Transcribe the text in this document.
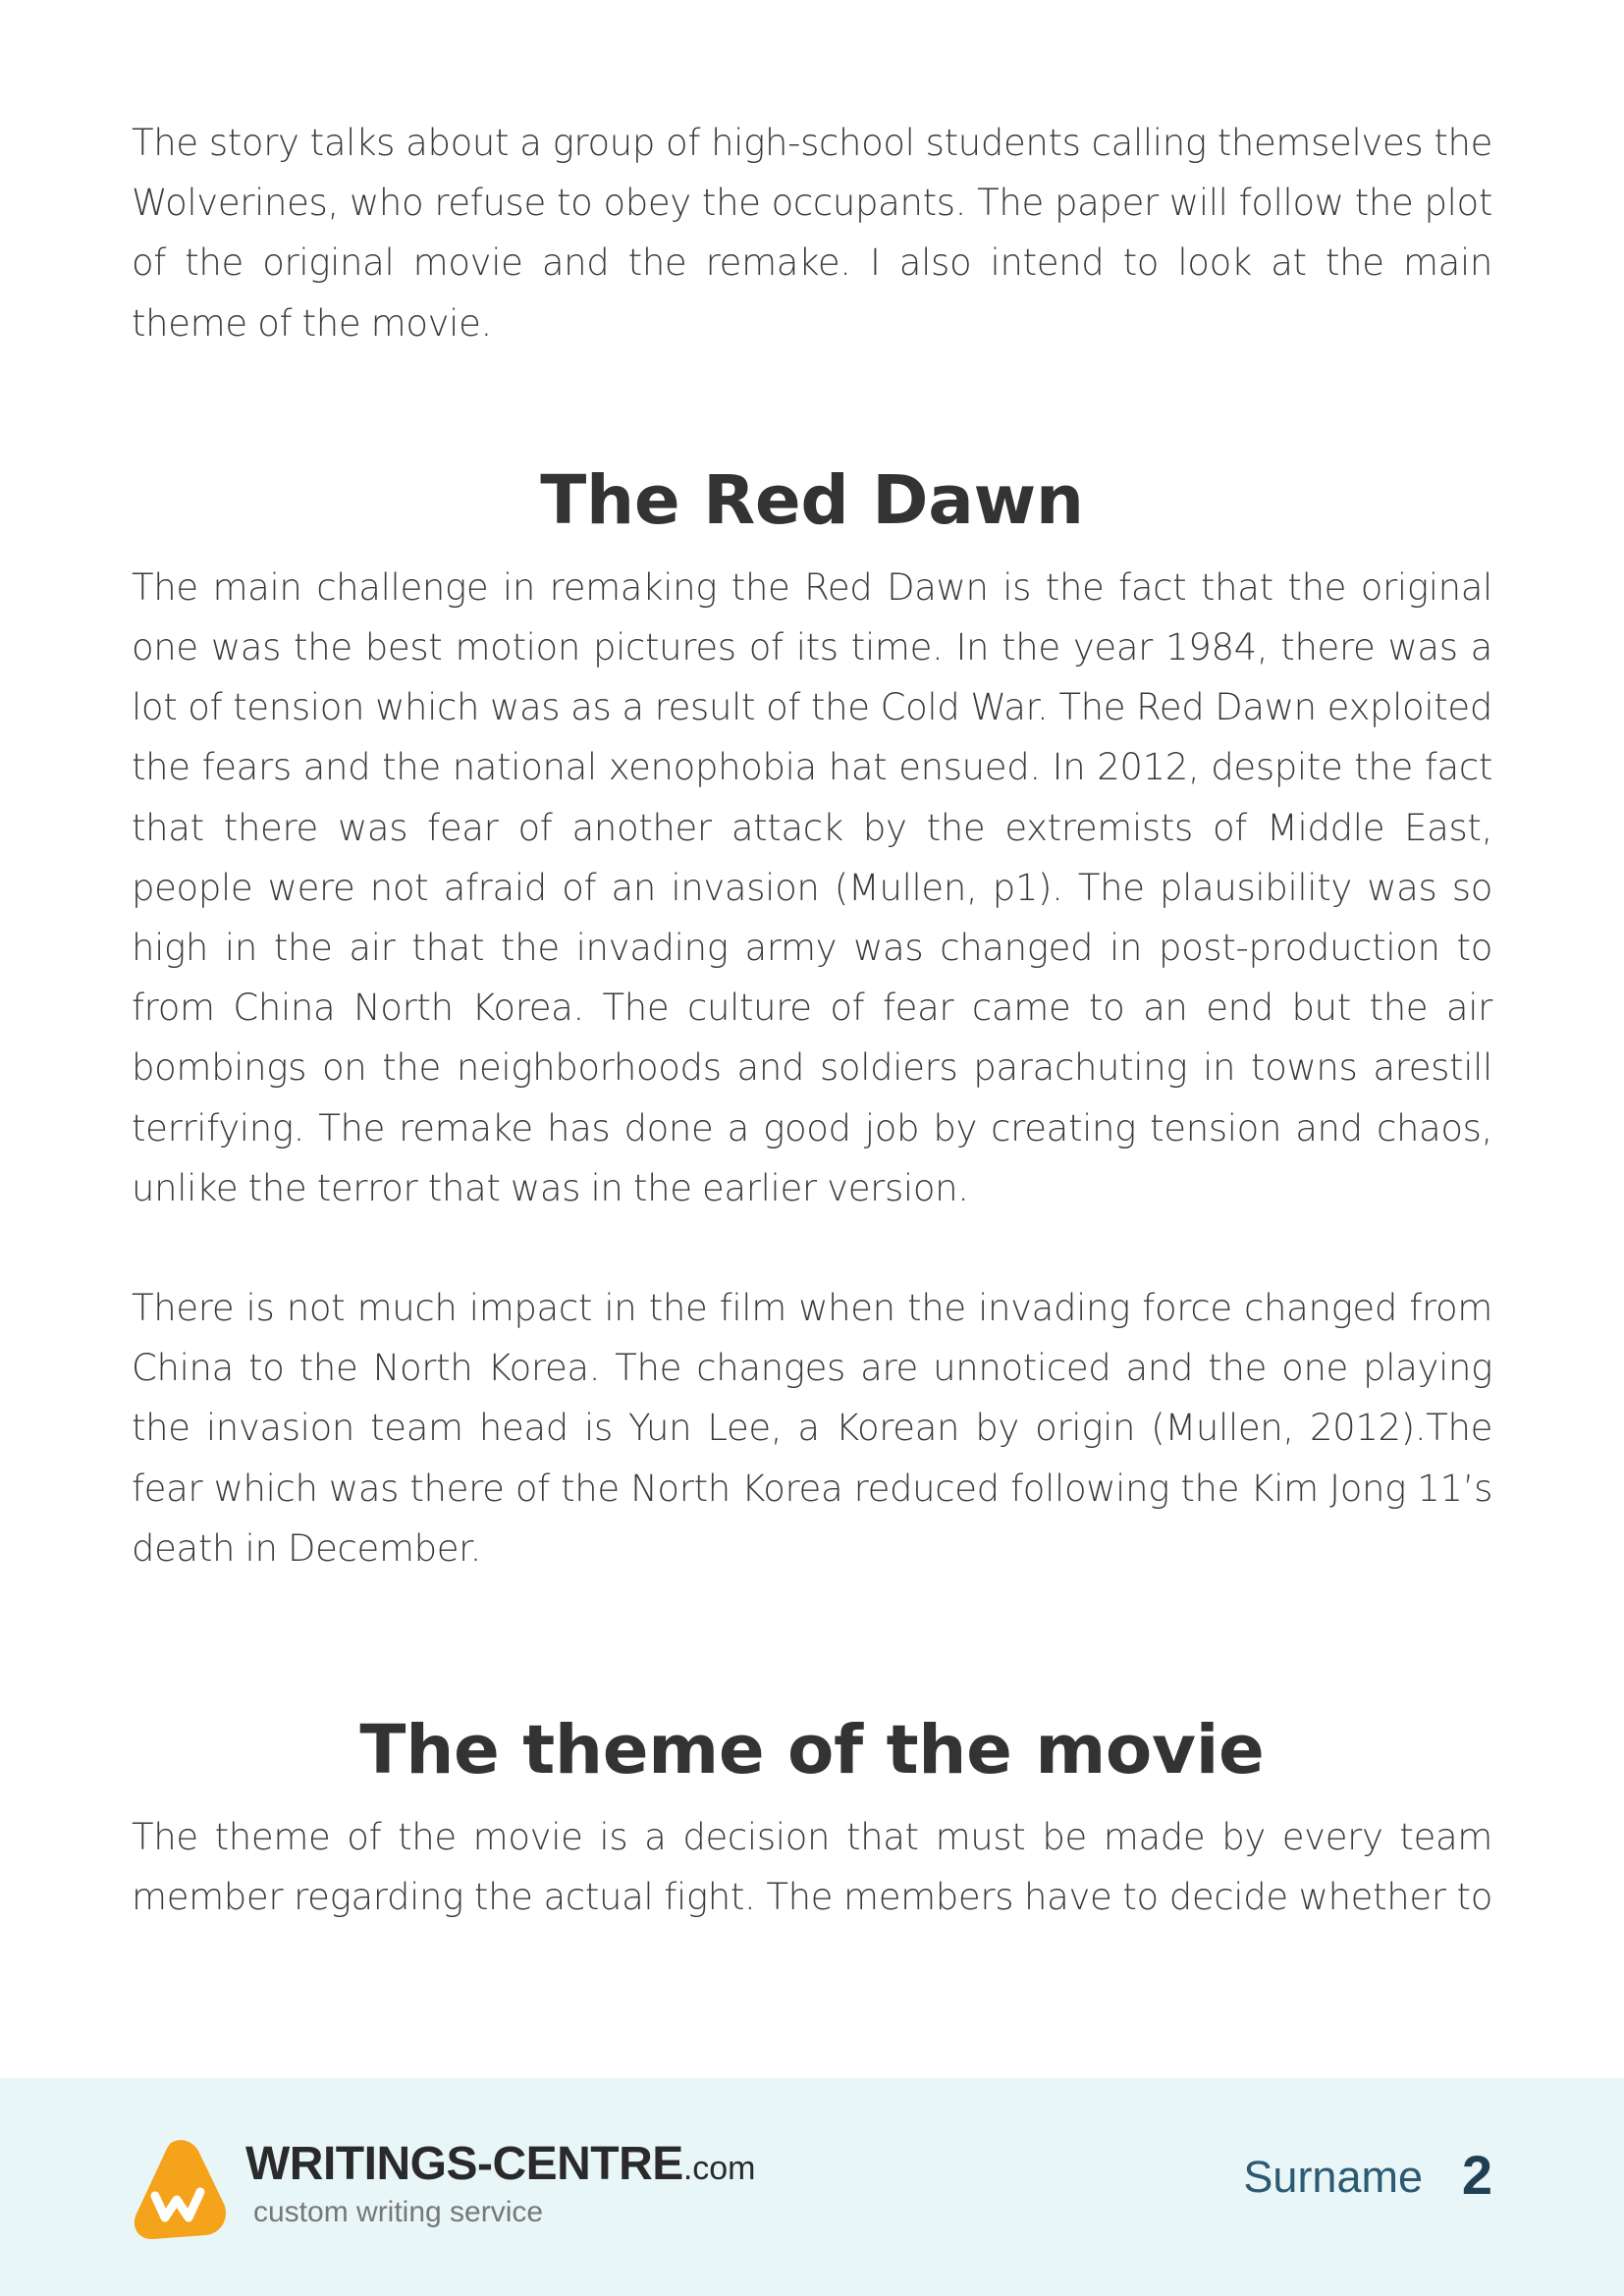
The story talks about a group of high-school students calling themselves the Wolverines, who refuse to obey the occupants. The paper will follow the plot of the original movie and the remake. I also intend to look at the main theme of the movie.

The Red Dawn

The main challenge in remaking the Red Dawn is the fact that the original one was the best motion pictures of its time. In the year 1984, there was a lot of tension which was as a result of the Cold War. The Red Dawn exploited the fears and the national xenophobia hat ensued. In 2012, despite the fact that there was fear of another attack by the extremists of Middle East, people were not afraid of an invasion (Mullen, p1). The plausibility was so high in the air that the invading army was changed in post-production to from China North Korea. The culture of fear came to an end but the air bombings on the neighborhoods and soldiers parachuting in towns arestill terrifying. The remake has done a good job by creating tension and chaos, unlike the terror that was in the earlier version.

There is not much impact in the film when the invading force changed from China to the North Korea. The changes are unnoticed and the one playing the invasion team head is Yun Lee, a Korean by origin (Mullen, 2012).The fear which was there of the North Korea reduced following the Kim Jong 11’s death in December.

The theme of the movie

The theme of the movie is a decision that must be made by every team member regarding the actual fight. The members have to decide whether to

WRITINGS-CENTRE.com
custom writing service
Surname 2
